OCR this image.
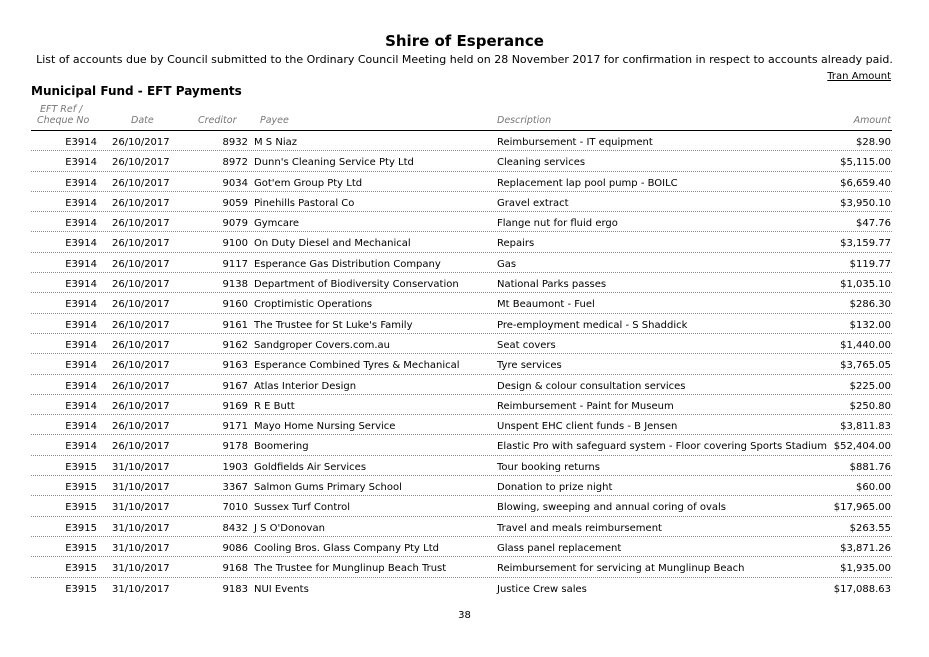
Shire of Esperance
List of accounts due by Council submitted to the Ordinary Council Meeting held on 28 November 2017 for confirmation in respect to accounts already paid.
Tran Amount
Municipal Fund - EFT Payments
EFT Ref /
Cheque No	Date	Creditor Payee	Description	Amount
E3914 26/10/2017	8932 M S Niaz	Reimbursement - IT equipment	$28.90
E3914 26/10/2017	8972 Dunn's Cleaning Service Pty Ltd	Cleaning services	$5,115.00
E3914 26/10/2017	9034 Got'em Group Pty Ltd	Replacement lap pool pump - BOILC	$6,659.40
E3914 26/10/2017	9059 Pinehills Pastoral Co	Gravel extract	$3,950.10
E3914 26/10/2017	9079 Gymcare	Flange nut for fluid ergo	$47.76
E3914 26/10/2017	9100 On Duty Diesel and Mechanical	Repairs	$3,159.77
E3914 26/10/2017	9117 Esperance Gas Distribution Company	Gas	$119.77
E3914 26/10/2017	9138 Department of Biodiversity Conservation	National Parks passes	$1,035.10
E3914 26/10/2017	9160 Croptimistic Operations	Mt Beaumont - Fuel	$286.30
E3914 26/10/2017	9161 The Trustee for St Luke's Family	Pre-employment medical - S Shaddick	$132.00
E3914 26/10/2017	9162 Sandgroper Covers.com.au	Seat covers	$1,440.00
E3914 26/10/2017	9163 Esperance Combined Tyres & Mechanical	Tyre services	$3,765.05
E3914 26/10/2017	9167 Atlas Interior Design	Design & colour consultation services	$225.00
E3914 26/10/2017	9169 R E Butt	Reimbursement - Paint for Museum	$250.80
E3914 26/10/2017	9171 Mayo Home Nursing Service	Unspent EHC client funds - B Jensen	$3,811.83
E3914 26/10/2017	9178 Boomering	Elastic Pro with safeguard system - Floor covering Sports Stadium $52,404.00
E3915 31/10/2017	1903 Goldfields Air Services	Tour booking returns	$881.76
E3915 31/10/2017	3367 Salmon Gums Primary School	Donation to prize night	$60.00
E3915 31/10/2017	7010 Sussex Turf Control	Blowing, sweeping and annual coring of ovals	$17,965.00
E3915 31/10/2017	8432 J S O'Donovan	Travel and meals reimbursement	$263.55
E3915 31/10/2017	9086 Cooling Bros. Glass Company Pty Ltd	Glass panel replacement	$3,871.26
E3915 31/10/2017	9168 The Trustee for Munglinup Beach Trust	Reimbursement for servicing at Munglinup Beach	$1,935.00
E3915 31/10/2017	9183 NUI Events	Justice Crew sales	$17,088.63
38
